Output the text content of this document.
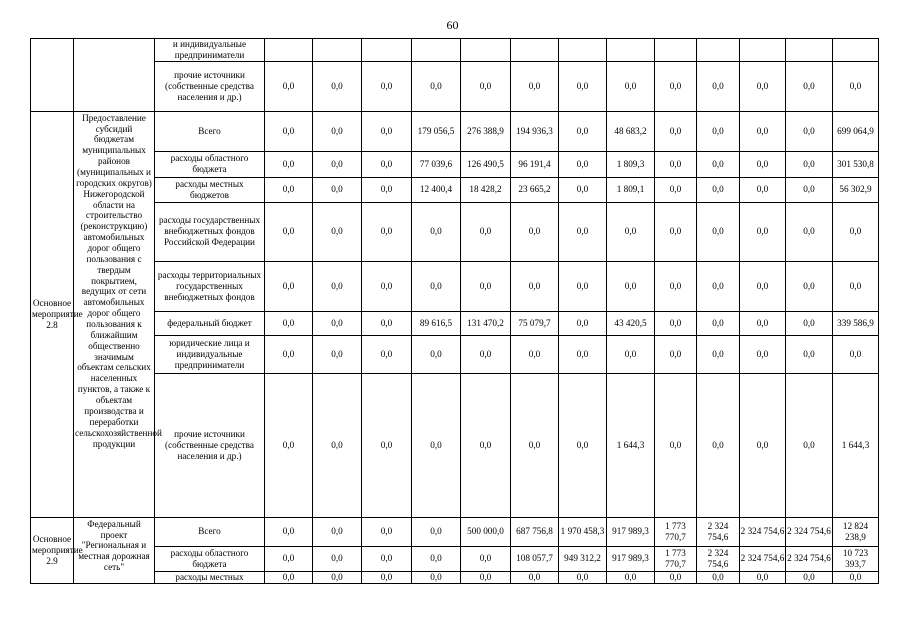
60
		и индивидуальные предприниматели													
		прочие источники (собственные средства населения и др.)	0,0	0,0	0,0	0,0	0,0	0,0	0,0	0,0	0,0	0,0	0,0	0,0	0,0
Основное мероприятие 2.8	Предоставление субсидий бюджетам муниципальных районов (муниципальных и городских округов) Нижегородской области на строительство (реконструкцию) автомобильных дорог общего пользования с твердым покрытием, ведущих от сети автомобильных дорог общего пользования к ближайшим общественно значимым объектам сельских населенных пунктов, а также к объектам производства и переработки сельскохозяйственной продукции	Всего	0,0	0,0	0,0	179 056,5	276 388,9	194 936,3	0,0	48 683,2	0,0	0,0	0,0	0,0	699 064,9
		расходы областного бюджета	0,0	0,0	0,0	77 039,6	126 490,5	96 191,4	0,0	1 809,3	0,0	0,0	0,0	0,0	301 530,8
		расходы местных бюджетов	0,0	0,0	0,0	12 400,4	18 428,2	23 665,2	0,0	1 809,1	0,0	0,0	0,0	0,0	56 302,9
		расходы государственных внебюджетных фондов Российской Федерации	0,0	0,0	0,0	0,0	0,0	0,0	0,0	0,0	0,0	0,0	0,0	0,0	0,0
		расходы территориальных государственных внебюджетных фондов	0,0	0,0	0,0	0,0	0,0	0,0	0,0	0,0	0,0	0,0	0,0	0,0	0,0
		федеральный бюджет	0,0	0,0	0,0	89 616,5	131 470,2	75 079,7	0,0	43 420,5	0,0	0,0	0,0	0,0	339 586,9
		юридические лица и индивидуальные предприниматели	0,0	0,0	0,0	0,0	0,0	0,0	0,0	0,0	0,0	0,0	0,0	0,0	0,0
		прочие источники (собственные средства населения и др.)	0,0	0,0	0,0	0,0	0,0	0,0	0,0	1 644,3	0,0	0,0	0,0	0,0	1 644,3
Основное мероприятие 2.9	Федеральный проект "Региональная и местная дорожная сеть"	Всего	0,0	0,0	0,0	0,0	500 000,0	687 756,8	1 970 458,3	917 989,3	1 773 770,7	2 324 754,6	2 324 754,6	2 324 754,6	12 824 238,9
		расходы областного бюджета	0,0	0,0	0,0	0,0	0,0	108 057,7	949 312,2	917 989,3	1 773 770,7	2 324 754,6	2 324 754,6	2 324 754,6	10 723 393,7
		расходы местных	0,0	0,0	0,0	0,0	0,0	0,0	0,0	0,0	0,0	0,0	0,0	0,0	0,0
